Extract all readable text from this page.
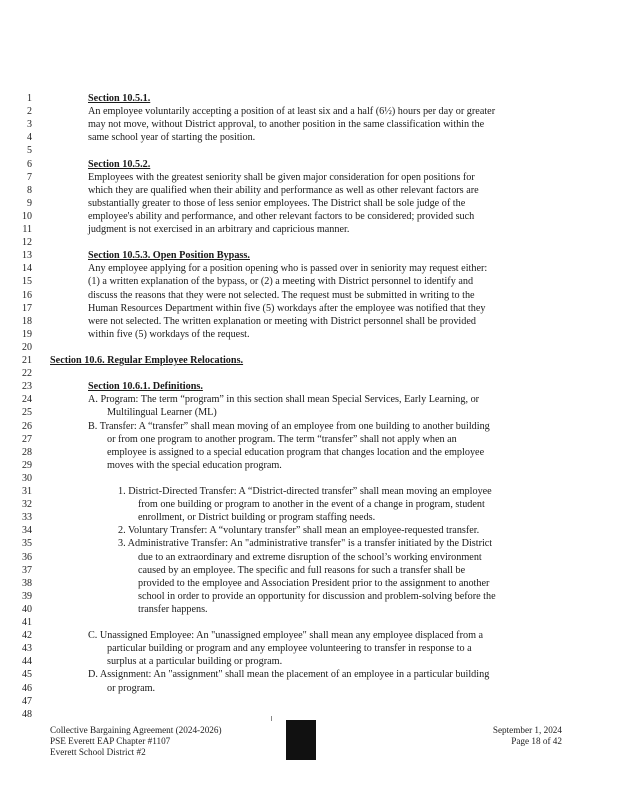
1
2
3
4
5
6
7
8
9
10
11
12
13
14
15
16
17
18
19
20
21
22
23
24
25
26
27
28
29
30
31
32
33
34
35
36
37
38
39
40
41
42
43
44
45
46
47
48
Section 10.5.1.
An employee voluntarily accepting a position of at least six and a half (6½) hours per day or greater
may not move, without District approval, to another position in the same classification within the
same school year of starting the position.
Section 10.5.2.
Employees with the greatest seniority shall be given major consideration for open positions for
which they are qualified when their ability and performance as well as other relevant factors are
substantially greater to those of less senior employees. The District shall be sole judge of the
employee's ability and performance, and other relevant factors to be considered; provided such
judgment is not exercised in an arbitrary and capricious manner.
Section 10.5.3. Open Position Bypass.
Any employee applying for a position opening who is passed over in seniority may request either:
(1) a written explanation of the bypass, or (2) a meeting with District personnel to identify and
discuss the reasons that they were not selected. The request must be submitted in writing to the
Human Resources Department within five (5) workdays after the employee was notified that they
were not selected. The written explanation or meeting with District personnel shall be provided
within five (5) workdays of the request.
Section 10.6. Regular Employee Relocations.
Section 10.6.1. Definitions.
A. Program: The term “program” in this section shall mean Special Services, Early Learning, or
Multilingual Learner (ML)
B. Transfer: A “transfer” shall mean moving of an employee from one building to another building
or from one program to another program. The term “transfer” shall not apply when an
employee is assigned to a special education program that changes location and the employee
moves with the special education program.
1. District-Directed Transfer: A “District-directed transfer” shall mean moving an employee
from one building or program to another in the event of a change in program, student
enrollment, or District building or program staffing needs.
2. Voluntary Transfer: A “voluntary transfer” shall mean an employee-requested transfer.
3. Administrative Transfer: An "administrative transfer" is a transfer initiated by the District
due to an extraordinary and extreme disruption of the school’s working environment
caused by an employee. The specific and full reasons for such a transfer shall be
provided to the employee and Association President prior to the assignment to another
school in order to provide an opportunity for discussion and problem-solving before the
transfer happens.
C. Unassigned Employee: An "unassigned employee" shall mean any employee displaced from a
particular building or program and any employee volunteering to transfer in response to a
surplus at a particular building or program.
D. Assignment: An "assignment" shall mean the placement of an employee in a particular building
or program.
Collective Bargaining Agreement (2024-2026)
PSE Everett EAP Chapter #1107
Everett School District #2
September 1, 2024
Page 18 of 42
